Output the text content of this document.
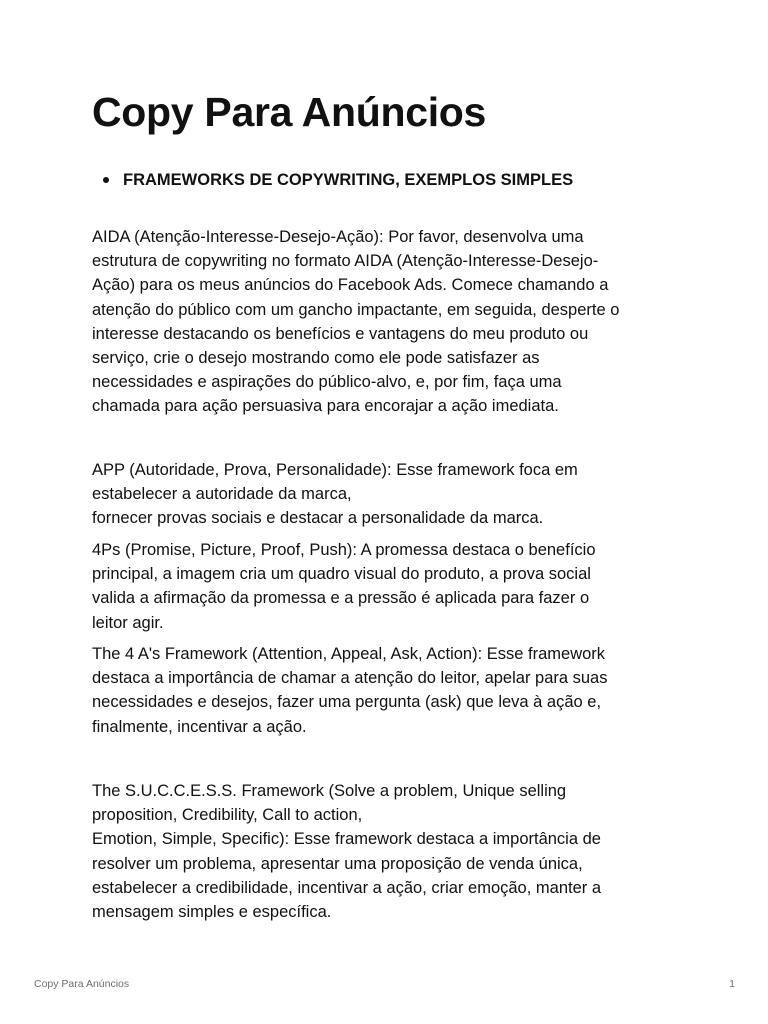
Copy Para Anúncios
FRAMEWORKS DE COPYWRITING, EXEMPLOS SIMPLES
AIDA (Atenção-Interesse-Desejo-Ação): Por favor, desenvolva uma
estrutura de copywriting no formato AIDA (Atenção-Interesse-Desejo-
Ação) para os meus anúncios do Facebook Ads. Comece chamando a
atenção do público com um gancho impactante, em seguida, desperte o
interesse destacando os benefícios e vantagens do meu produto ou
serviço, crie o desejo mostrando como ele pode satisfazer as
necessidades e aspirações do público-alvo, e, por fim, faça uma
chamada para ação persuasiva para encorajar a ação imediata.
APP (Autoridade, Prova, Personalidade): Esse framework foca em
estabelecer a autoridade da marca,
fornecer provas sociais e destacar a personalidade da marca.
4Ps (Promise, Picture, Proof, Push): A promessa destaca o benefício
principal, a imagem cria um quadro visual do produto, a prova social
valida a afirmação da promessa e a pressão é aplicada para fazer o
leitor agir.
The 4 A's Framework (Attention, Appeal, Ask, Action): Esse framework
destaca a importância de chamar a atenção do leitor, apelar para suas
necessidades e desejos, fazer uma pergunta (ask) que leva à ação e,
finalmente, incentivar a ação.
The S.U.C.C.E.S.S. Framework (Solve a problem, Unique selling
proposition, Credibility, Call to action,
Emotion, Simple, Specific): Esse framework destaca a importância de
resolver um problema, apresentar uma proposição de venda única,
estabelecer a credibilidade, incentivar a ação, criar emoção, manter a
mensagem simples e específica.
Copy Para Anúncios	1
